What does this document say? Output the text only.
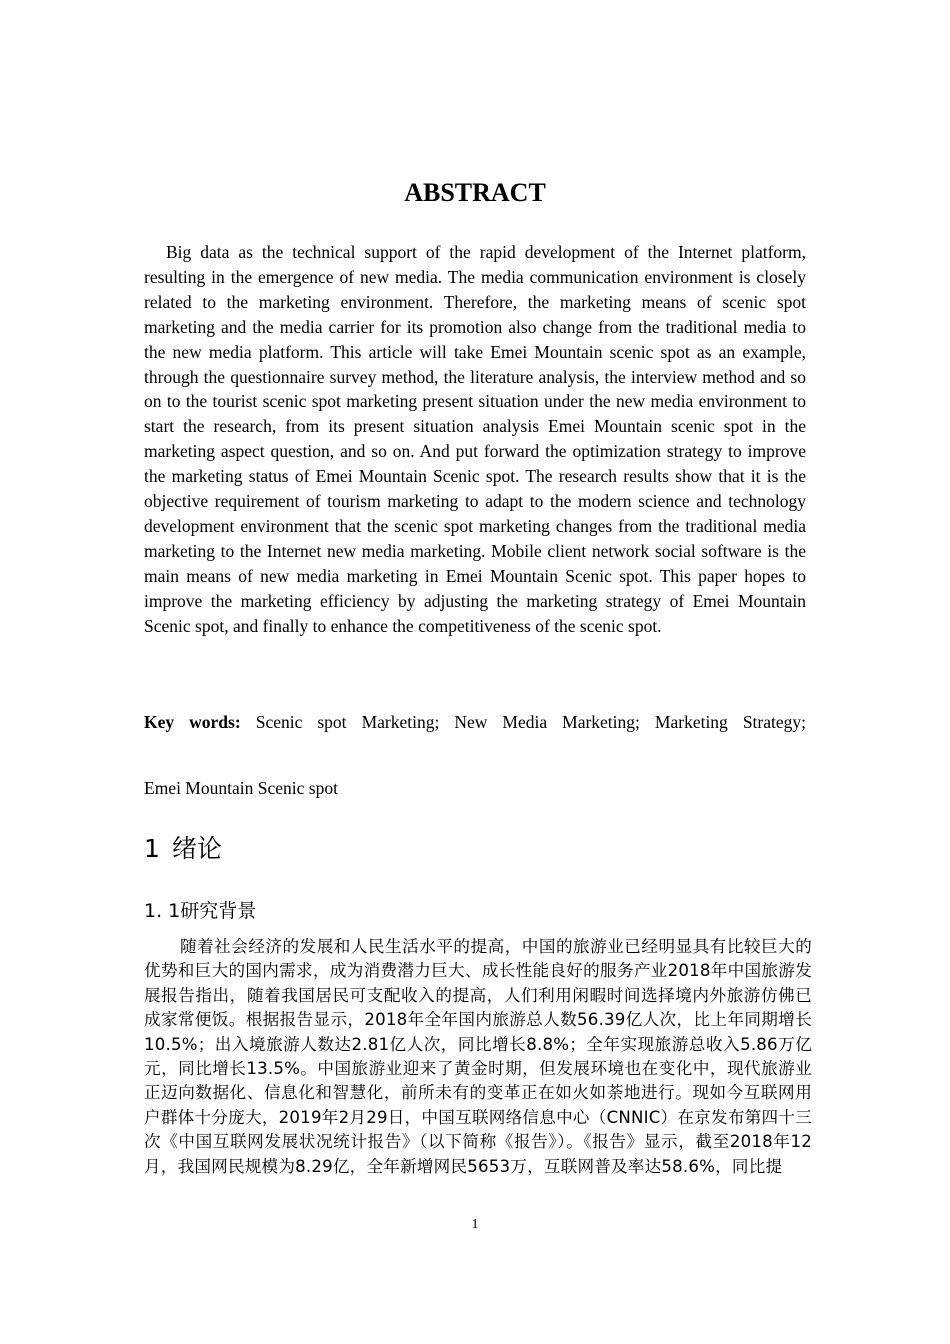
ABSTRACT

Big data as the technical support of the rapid development of the Internet platform, resulting in the emergence of new media. The media communication environment is closely related to the marketing environment. Therefore, the marketing means of scenic spot marketing and the media carrier for its promotion also change from the traditional media to the new media platform. This article will take Emei Mountain scenic spot as an example, through the questionnaire survey method, the literature analysis, the interview method and so on to the tourist scenic spot marketing present situation under the new media environment to start the research, from its present situation analysis Emei Mountain scenic spot in the marketing aspect question, and so on. And put forward the optimization strategy to improve the marketing status of Emei Mountain Scenic spot. The research results show that it is the objective requirement of tourism marketing to adapt to the modern science and technology development environment that the scenic spot marketing changes from the traditional media marketing to the Internet new media marketing. Mobile client network social software is the main means of new media marketing in Emei Mountain Scenic spot. This paper hopes to improve the marketing efficiency by adjusting the marketing strategy of Emei Mountain Scenic spot, and finally to enhance the competitiveness of the scenic spot.

Key words: Scenic spot Marketing; New Media Marketing; Marketing Strategy;

Emei Mountain Scenic spot

1 绪论
1. 1研究背景

随着社会经济的发展和人民生活水平的提高，中国的旅游业已经明显具有比较巨大的优势和巨大的国内需求，成为消费潜力巨大、成长性能良好的服务产业2018年中国旅游发展报告指出，随着我国居民可支配收入的提高，人们利用闲暇时间选择境内外旅游仿佛已成家常便饭。根据报告显示，2018年全年国内旅游总人数56.39亿人次，比上年同期增长10.5%；出入境旅游人数达2.81亿人次，同比增长8.8%；全年实现旅游总收入5.86万亿元，同比增长13.5%。中国旅游业迎来了黄金时期，但发展环境也在变化中，现代旅游业正迈向数据化、信息化和智慧化，前所未有的变革正在如火如荼地进行。现如今互联网用户群体十分庞大，2019年2月29日，中国互联网络信息中心（CNNIC）在京发布第四十三次《中国互联网发展状况统计报告》（以下简称《报告》）。《报告》显示，截至2018年12月，我国网民规模为8.29亿，全年新增网民5653万，互联网普及率达58.6%，同比提

1
